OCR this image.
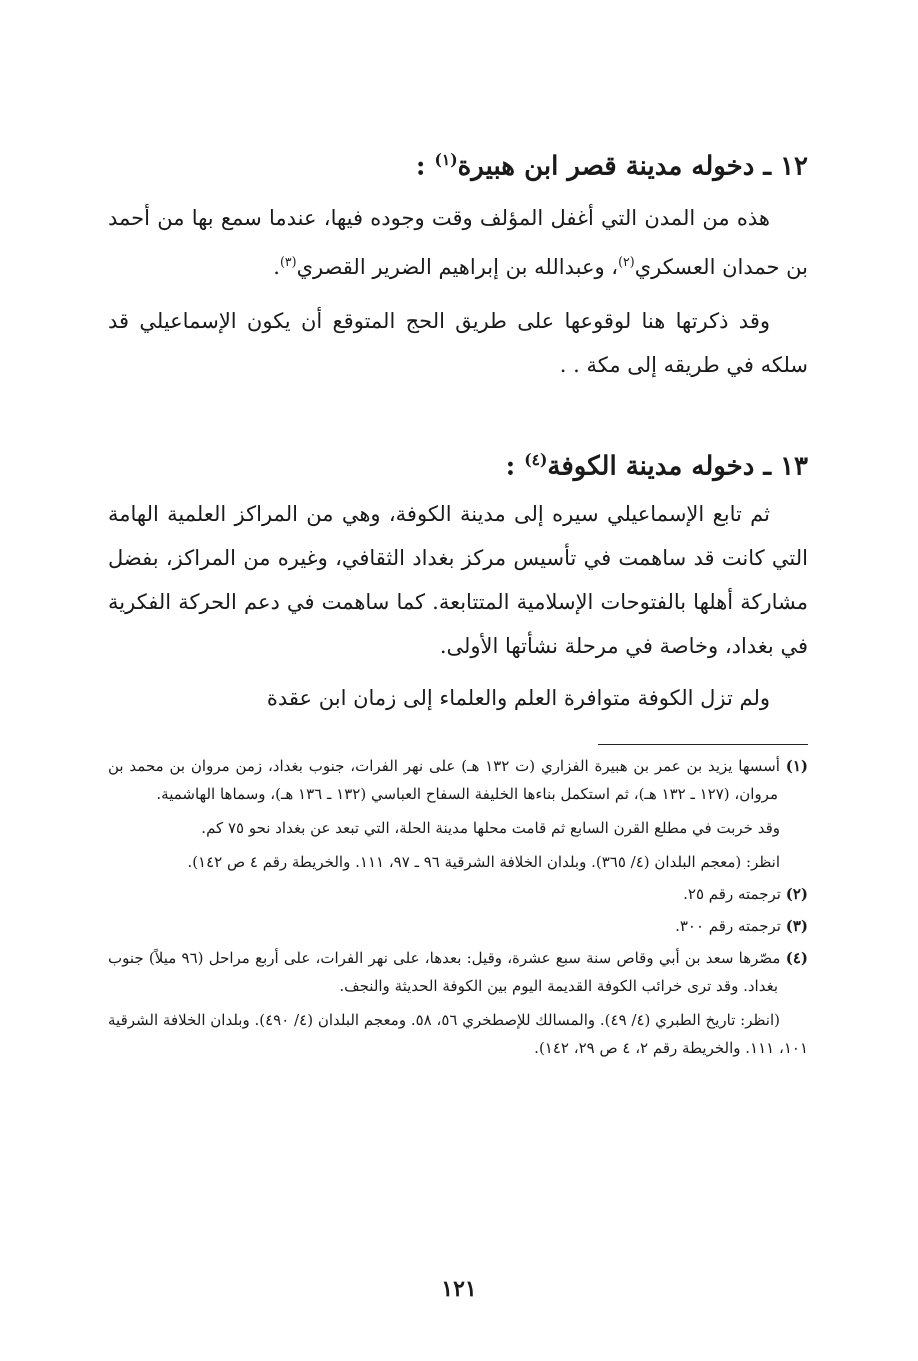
١٢ ـ دخوله مدينة قصر ابن هبيرة$^{(١)}$ :

هذه من المدن التي أغفل المؤلف وقت وجوده فيها، عندما سمع بها من أحمد بن حمدان العسكري$^{(٢)}$، وعبدالله بن إبراهيم الضرير القصري$^{(٣)}$.

وقد ذكرتها هنا لوقوعها على طريق الحج المتوقع أن يكون الإسماعيلي قد سلكه في طريقه إلى مكة . .

١٣ ـ دخوله مدينة الكوفة$^{(٤)}$ :

ثم تابع الإسماعيلي سيره إلى مدينة الكوفة، وهي من المراكز العلمية الهامة التي كانت قد ساهمت في تأسيس مركز بغداد الثقافي، وغيره من المراكز، بفضل مشاركة أهلها بالفتوحات الإسلامية المتتابعة. كما ساهمت في دعم الحركة الفكرية في بغداد، وخاصة في مرحلة نشأتها الأولى.

ولم تزل الكوفة متوافرة العلم والعلماء إلى زمان ابن عقدة

(١) أسسها يزيد بن عمر بن هبيرة الفزاري (ت ١٣٢ هـ) على نهر الفرات، جنوب بغداد، زمن مروان بن محمد بن مروان، (١٢٧ ـ ١٣٢ هـ)، ثم استكمل بناءها الخليفة السفاح العباسي (١٣٢ ـ ١٣٦ هـ)، وسماها الهاشمية.

وقد خربت في مطلع القرن السابع ثم قامت محلها مدينة الحلة، التي تبعد عن بغداد نحو ٧٥ كم.

انظر: (معجم البلدان (٤/ ٣٦٥). وبلدان الخلافة الشرقية ٩٦ ـ ٩٧، ١١١. والخريطة رقم ٤ ص ١٤٢).

(٢) ترجمته رقم ٢٥.

(٣) ترجمته رقم ٣٠٠.

(٤) مصّرها سعد بن أبي وقاص سنة سبع عشرة، وقيل: بعدها، على نهر الفرات، على أربع مراحل (٩٦ ميلاً) جنوب بغداد. وقد ترى خرائب الكوفة القديمة اليوم بين الكوفة الحديثة والنجف.

(انظر: تاريخ الطبري (٤/ ٤٩). والمسالك للإصطخري ٥٦، ٥٨. ومعجم البلدان (٤/ ٤٩٠). وبلدان الخلافة الشرقية ١٠١، ١١١. والخريطة رقم ٢، ٤ ص ٢٩، ١٤٢).

١٢١
